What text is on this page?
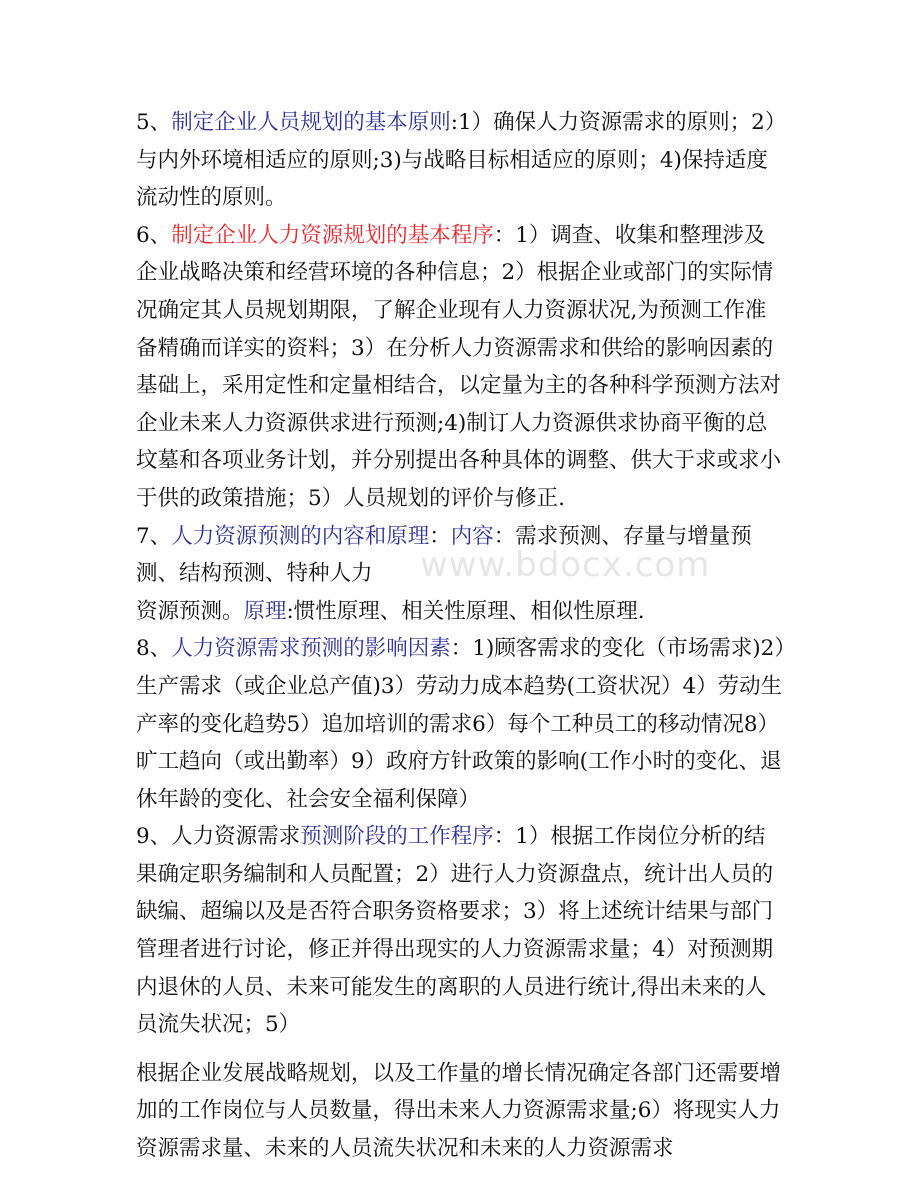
www.bdocx.com

5、制定企业人员规划的基本原则:1）确保人力资源需求的原则；2）与内外环境相适应的原则;3)与战略目标相适应的原则；4)保持适度流动性的原则。

6、制定企业人力资源规划的基本程序：1）调查、收集和整理涉及企业战略决策和经营环境的各种信息；2）根据企业或部门的实际情况确定其人员规划期限，了解企业现有人力资源状况,为预测工作准备精确而详实的资料；3）在分析人力资源需求和供给的影响因素的基础上，采用定性和定量相结合，以定量为主的各种科学预测方法对企业未来人力资源供求进行预测;4)制订人力资源供求协商平衡的总坟墓和各项业务计划，并分别提出各种具体的调整、供大于求或求小于供的政策措施；5）人员规划的评价与修正.

7、人力资源预测的内容和原理：内容：需求预测、存量与增量预测、结构预测、特种人力
资源预测。原理:惯性原理、相关性原理、相似性原理.

8、人力资源需求预测的影响因素：1)顾客需求的变化（市场需求)2）生产需求（或企业总产值)3）劳动力成本趋势(工资状况）4）劳动生产率的变化趋势5）追加培训的需求6）每个工种员工的移动情况8）旷工趋向（或出勤率）9）政府方针政策的影响(工作小时的变化、退休年龄的变化、社会安全福利保障）

9、人力资源需求预测阶段的工作程序：1）根据工作岗位分析的结果确定职务编制和人员配置；2）进行人力资源盘点，统计出人员的缺编、超编以及是否符合职务资格要求；3）将上述统计结果与部门管理者进行讨论，修正并得出现实的人力资源需求量；4）对预测期内退休的人员、未来可能发生的离职的人员进行统计,得出未来的人员流失状况；5）

根据企业发展战略规划，以及工作量的增长情况确定各部门还需要增加的工作岗位与人员数量，得出未来人力资源需求量;6）将现实人力资源需求量、未来的人员流失状况和未来的人力资源需求
